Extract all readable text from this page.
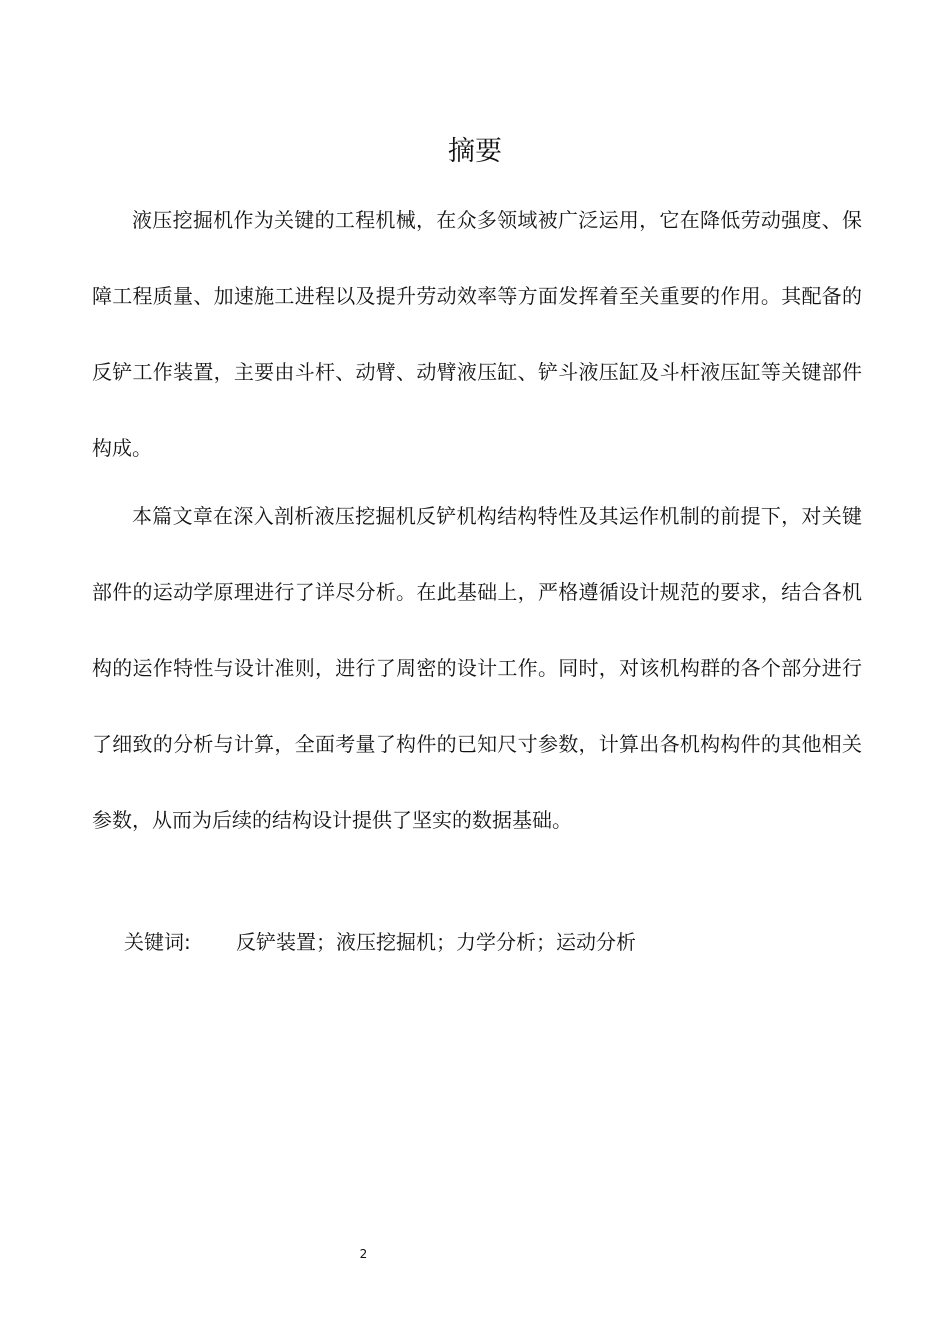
摘要

液压挖掘机作为关键的工程机械，在众多领域被广泛运用，它在降低劳动强度、保障工程质量、加速施工进程以及提升劳动效率等方面发挥着至关重要的作用。其配备的反铲工作装置，主要由斗杆、动臂、动臂液压缸、铲斗液压缸及斗杆液压缸等关键部件构成。

本篇文章在深入剖析液压挖掘机反铲机构结构特性及其运作机制的前提下，对关键部件的运动学原理进行了详尽分析。在此基础上，严格遵循设计规范的要求，结合各机构的运作特性与设计准则，进行了周密的设计工作。同时，对该机构群的各个部分进行了细致的分析与计算，全面考量了构件的已知尺寸参数，计算出各机构构件的其他相关参数，从而为后续的结构设计提供了坚实的数据基础。

关键词: 反铲装置；液压挖掘机；力学分析；运动分析

2
